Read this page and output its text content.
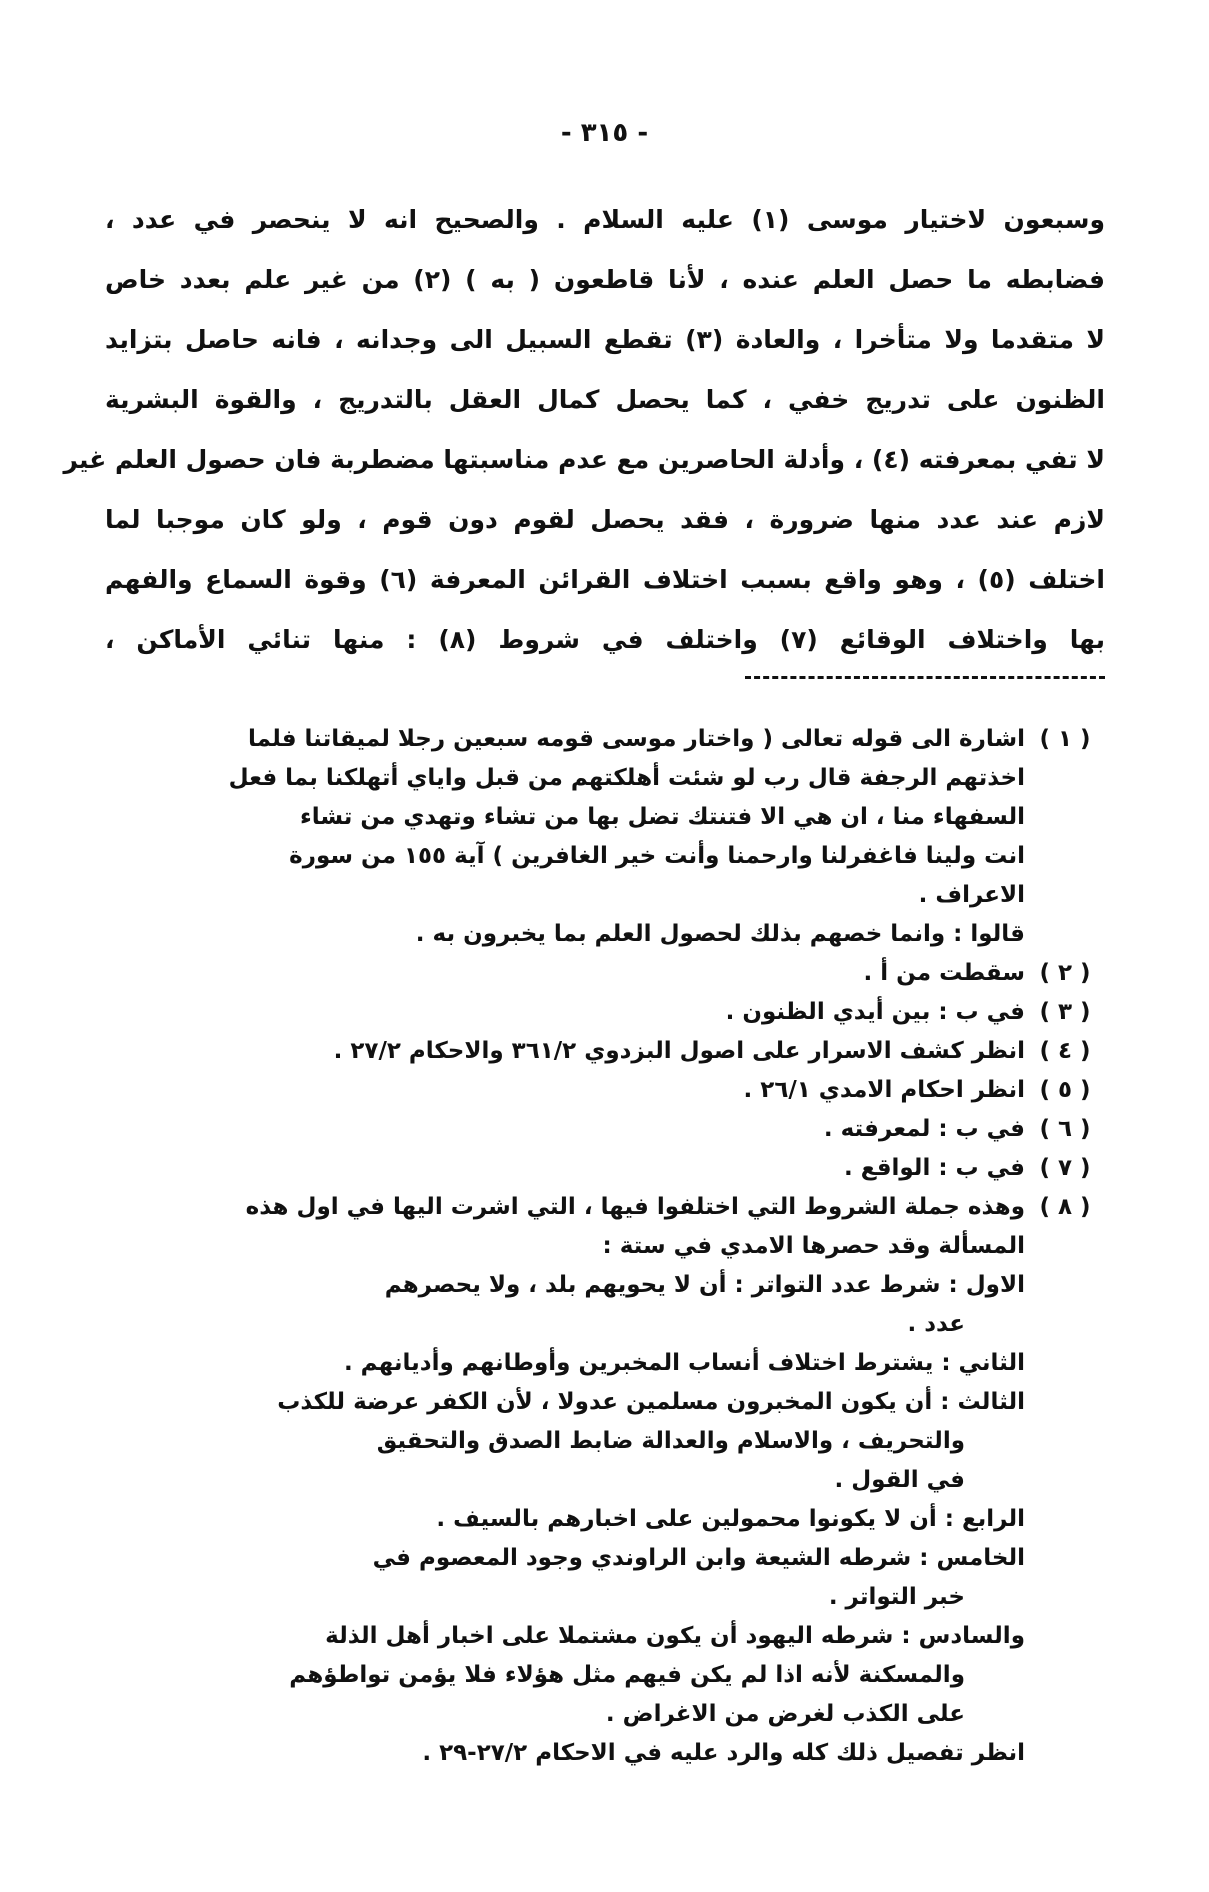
- ٣١٥ -
وسبعون لاختيار موسى (١) عليه السلام . والصحيح انه لا ينحصر في عدد ،
فضابطه ما حصل العلم عنده ، لأنا قاطعون ( به ) (٢) من غير علم بعدد خاص
لا متقدما ولا متأخرا ، والعادة (٣) تقطع السبيل الى وجدانه ، فانه حاصل بتزايد
الظنون على تدريج خفي ، كما يحصل كمال العقل بالتدريج ، والقوة البشرية
لا تفي بمعرفته (٤) ، وأدلة الحاصرين مع عدم مناسبتها مضطربة فان حصول العلم غير
لازم عند عدد منها ضرورة ، فقد يحصل لقوم دون قوم ، ولو كان موجبا لما
اختلف (٥) ، وهو واقع بسبب اختلاف القرائن المعرفة (٦) وقوة السماع والفهم
بها واختلاف الوقائع (٧) واختلف في شروط (٨) : منها تنائي الأماكن ،
( ١ )
اشارة الى قوله تعالى ( واختار موسى قومه سبعين رجلا لميقاتنا فلما
اخذتهم الرجفة قال رب لو شئت أهلكتهم من قبل واياي أتهلكنا بما فعل
السفهاء منا ، ان هي الا فتنتك تضل بها من تشاء وتهدي من تشاء
انت ولينا فاغفرلنا وارحمنا وأنت خير الغافرين ) آية ١٥٥ من سورة
الاعراف .
قالوا : وانما خصهم بذلك لحصول العلم بما يخبرون به .
( ٢ )
سقطت من أ .
( ٣ )
في ب : بين أيدي الظنون .
( ٤ )
انظر كشف الاسرار على اصول البزدوي ٣٦١/٢ والاحكام ٢٧/٢ .
( ٥ )
انظر احكام الامدي ٢٦/١ .
( ٦ )
في ب : لمعرفته .
( ٧ )
في ب : الواقع .
( ٨ )
وهذه جملة الشروط التي اختلفوا فيها ، التي اشرت اليها في اول هذه
المسألة وقد حصرها الامدي في ستة :
الاول : شرط عدد التواتر : أن لا يحويهم بلد ، ولا يحصرهم
عدد .
الثاني : يشترط اختلاف أنساب المخبرين وأوطانهم وأديانهم .
الثالث : أن يكون المخبرون مسلمين عدولا ، لأن الكفر عرضة للكذب
والتحريف ، والاسلام والعدالة ضابط الصدق والتحقيق
في القول .
الرابع : أن لا يكونوا محمولين على اخبارهم بالسيف .
الخامس : شرطه الشيعة وابن الراوندي وجود المعصوم في
خبر التواتر .
والسادس : شرطه اليهود أن يكون مشتملا على اخبار أهل الذلة
والمسكنة لأنه اذا لم يكن فيهم مثل هؤلاء فلا يؤمن تواطؤهم
على الكذب لغرض من الاغراض .
انظر تفصيل ذلك كله والرد عليه في الاحكام ٢٧/٢-٢٩ .
